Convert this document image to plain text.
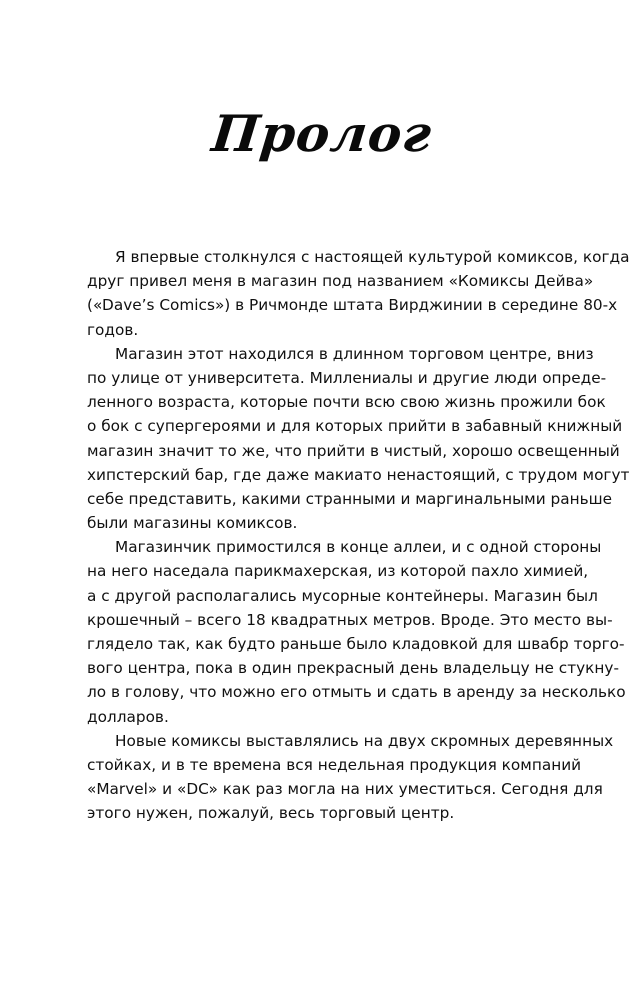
Пролог
Я впервые столкнулся с настоящей культурой комиксов, когда
друг привел меня в магазин под названием «Комиксы Дейва»
(«Dave’s Comics») в Ричмонде штата Вирджинии в середине 80-х
годов.
Магазин этот находился в длинном торговом центре, вниз
по улице от университета. Миллениалы и другие люди опреде-
ленного возраста, которые почти всю свою жизнь прожили бок
о бок с супергероями и для которых прийти в забавный книжный
магазин значит то же, что прийти в чистый, хорошо освещенный
хипстерский бар, где даже макиато ненастоящий, с трудом могут
себе представить, какими странными и маргинальными раньше
были магазины комиксов.
Магазинчик примостился в конце аллеи, и с одной стороны
на него наседала парикмахерская, из которой пахло химией,
а с другой располагались мусорные контейнеры. Магазин был
крошечный – всего 18 квадратных метров. Вроде. Это место вы-
глядело так, как будто раньше было кладовкой для швабр торго-
вого центра, пока в один прекрасный день владельцу не стукну-
ло в голову, что можно его отмыть и сдать в аренду за несколько
долларов.
Новые комиксы выставлялись на двух скромных деревянных
стойках, и в те времена вся недельная продукция компаний
«Marvel» и «DC» как раз могла на них уместиться. Сегодня для
этого нужен, пожалуй, весь торговый центр.
